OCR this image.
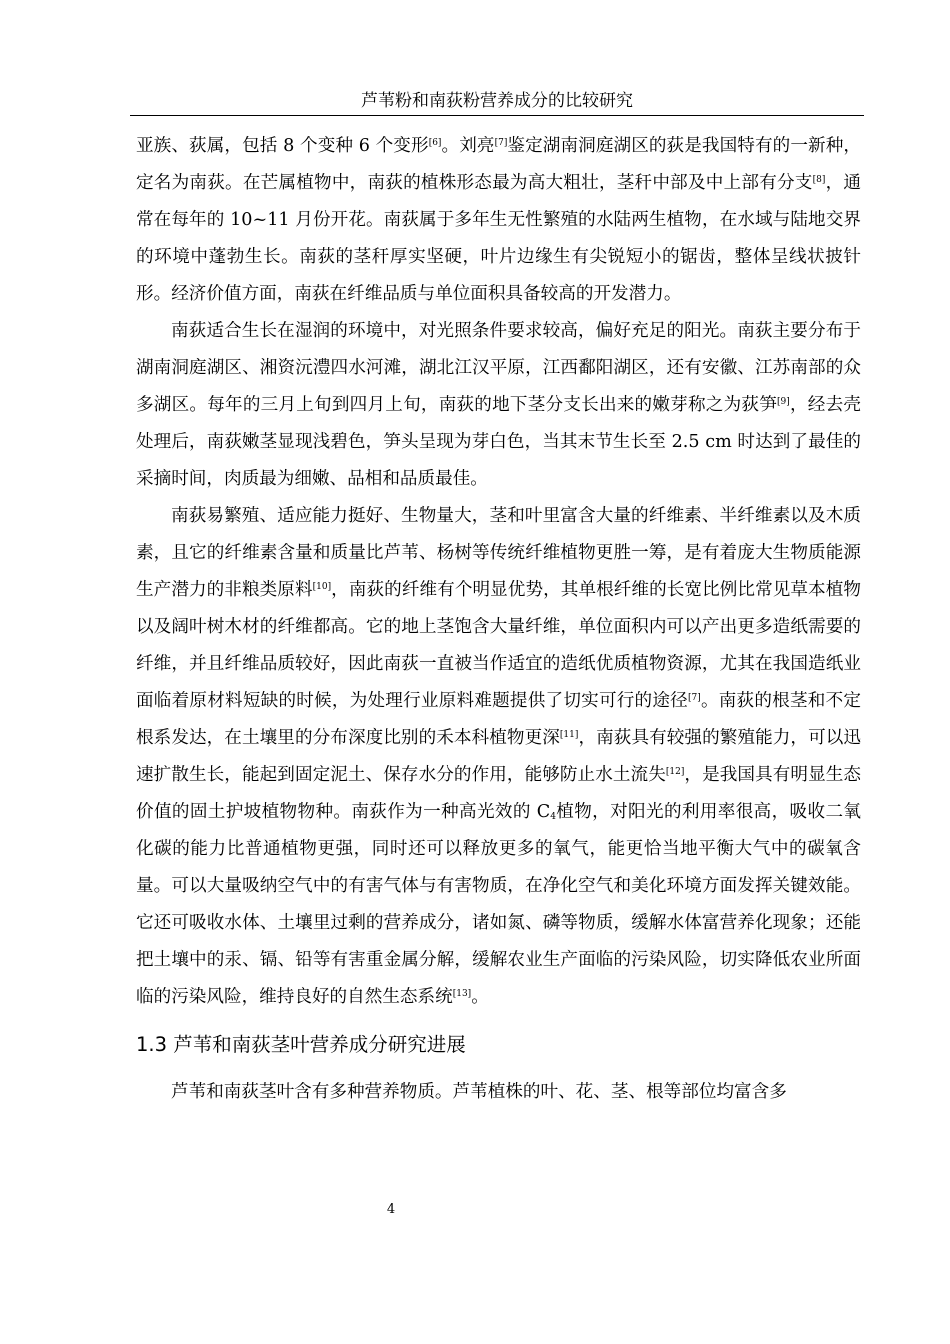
芦苇粉和南荻粉营养成分的比较研究

亚族、荻属，包括 8 个变种 6 个变形[6]。刘亮[7]鉴定湖南洞庭湖区的荻是我国特有的一新种，定名为南荻。在芒属植物中，南荻的植株形态最为高大粗壮，茎秆中部及中上部有分支[8]，通常在每年的 10~11 月份开花。南荻属于多年生无性繁殖的水陆两生植物，在水域与陆地交界的环境中蓬勃生长。南荻的茎秆厚实坚硬，叶片边缘生有尖锐短小的锯齿，整体呈线状披针形。经济价值方面，南荻在纤维品质与单位面积具备较高的开发潜力。

南荻适合生长在湿润的环境中，对光照条件要求较高，偏好充足的阳光。南荻主要分布于湖南洞庭湖区、湘资沅澧四水河滩，湖北江汉平原，江西鄱阳湖区，还有安徽、江苏南部的众多湖区。每年的三月上旬到四月上旬，南荻的地下茎分支长出来的嫩芽称之为荻笋[9]，经去壳处理后，南荻嫩茎显现浅碧色，笋头呈现为芽白色，当其末节生长至 2.5 cm 时达到了最佳的采摘时间，肉质最为细嫩、品相和品质最佳。

南荻易繁殖、适应能力挺好、生物量大，茎和叶里富含大量的纤维素、半纤维素以及木质素，且它的纤维素含量和质量比芦苇、杨树等传统纤维植物更胜一筹，是有着庞大生物质能源生产潜力的非粮类原料[10]，南荻的纤维有个明显优势，其单根纤维的长宽比例比常见草本植物以及阔叶树木材的纤维都高。它的地上茎饱含大量纤维，单位面积内可以产出更多造纸需要的纤维，并且纤维品质较好，因此南荻一直被当作适宜的造纸优质植物资源，尤其在我国造纸业面临着原材料短缺的时候，为处理行业原料难题提供了切实可行的途径[7]。南荻的根茎和不定根系发达，在土壤里的分布深度比别的禾本科植物更深[11]，南荻具有较强的繁殖能力，可以迅速扩散生长，能起到固定泥土、保存水分的作用，能够防止水土流失[12]，是我国具有明显生态价值的固土护坡植物物种。南荻作为一种高光效的 $C_4$植物，对阳光的利用率很高，吸收二氧化碳的能力比普通植物更强，同时还可以释放更多的氧气，能更恰当地平衡大气中的碳氧含量。可以大量吸纳空气中的有害气体与有害物质，在净化空气和美化环境方面发挥关键效能。它还可吸收水体、土壤里过剩的营养成分，诸如氮、磷等物质，缓解水体富营养化现象；还能把土壤中的汞、镉、铅等有害重金属分解，缓解农业生产面临的污染风险，切实降低农业所面临的污染风险，维持良好的自然生态系统[13]。

1.3 芦苇和南荻茎叶营养成分研究进展

芦苇和南荻茎叶含有多种营养物质。芦苇植株的叶、花、茎、根等部位均富含多

4
